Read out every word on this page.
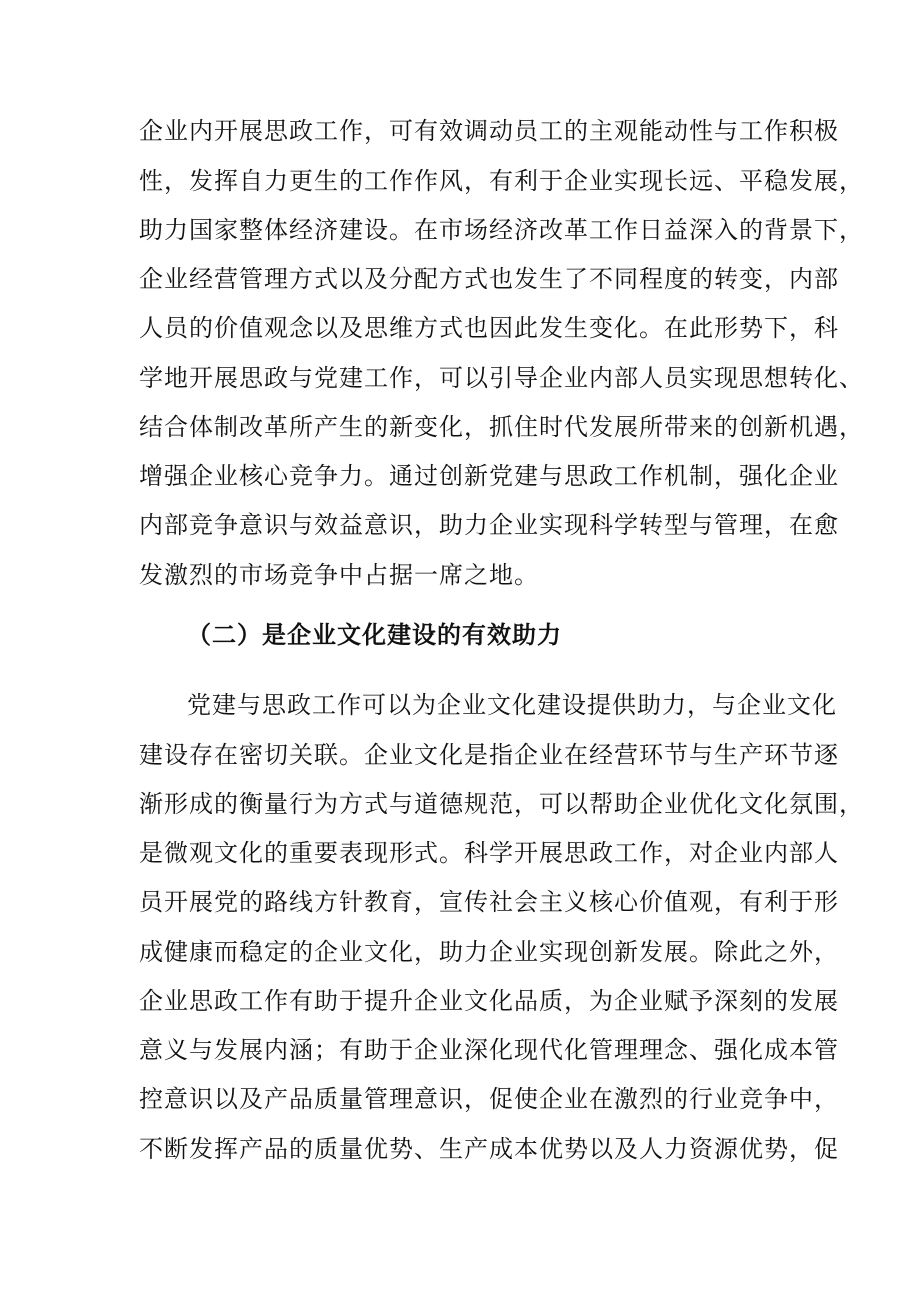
企业内开展思政工作，可有效调动员工的主观能动性与工作积极
性，发挥自力更生的工作作风，有利于企业实现长远、平稳发展，
助力国家整体经济建设。在市场经济改革工作日益深入的背景下，
企业经营管理方式以及分配方式也发生了不同程度的转变，内部
人员的价值观念以及思维方式也因此发生变化。在此形势下，科
学地开展思政与党建工作，可以引导企业内部人员实现思想转化、
结合体制改革所产生的新变化，抓住时代发展所带来的创新机遇，
增强企业核心竞争力。通过创新党建与思政工作机制，强化企业
内部竞争意识与效益意识，助力企业实现科学转型与管理，在愈
发激烈的市场竞争中占据一席之地。
（二）是企业文化建设的有效助力
党建与思政工作可以为企业文化建设提供助力，与企业文化
建设存在密切关联。企业文化是指企业在经营环节与生产环节逐
渐形成的衡量行为方式与道德规范，可以帮助企业优化文化氛围，
是微观文化的重要表现形式。科学开展思政工作，对企业内部人
员开展党的路线方针教育，宣传社会主义核心价值观，有利于形
成健康而稳定的企业文化，助力企业实现创新发展。除此之外，
企业思政工作有助于提升企业文化品质，为企业赋予深刻的发展
意义与发展内涵；有助于企业深化现代化管理理念、强化成本管
控意识以及产品质量管理意识，促使企业在激烈的行业竞争中，
不断发挥产品的质量优势、生产成本优势以及人力资源优势，促
